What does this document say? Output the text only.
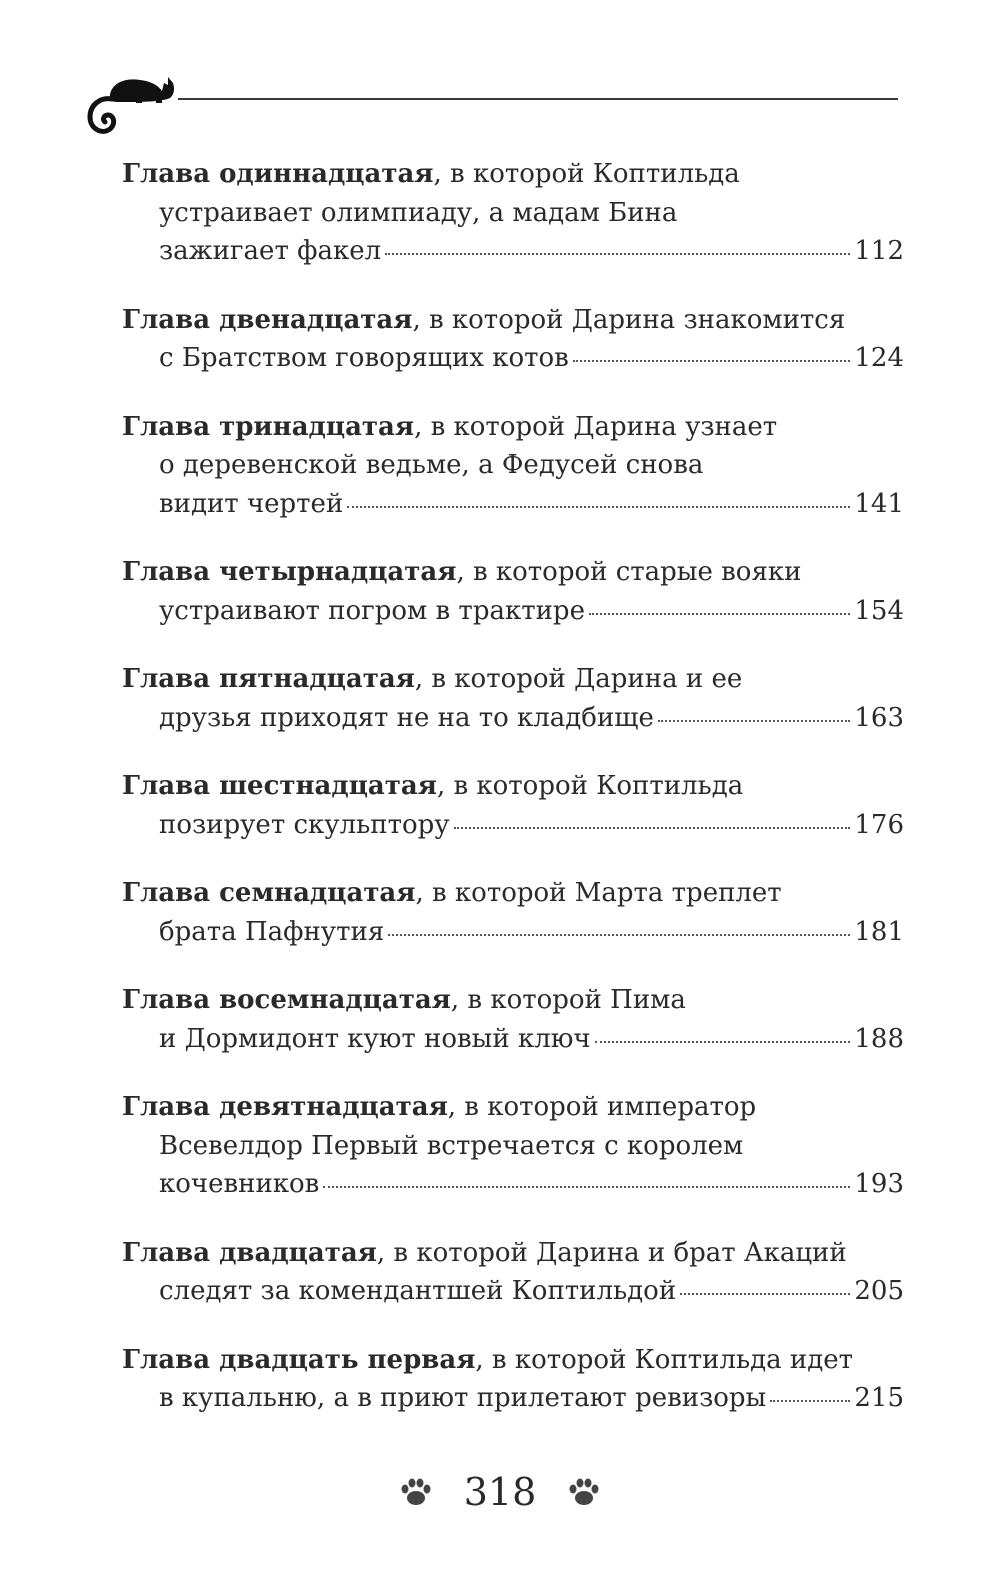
Глава одиннадцатая , в которой Коптильда
устраивает олимпиаду, а мадам Бина
зажигает факел	112
Глава двенадцатая , в которой Дарина знакомится
с Братством говорящих котов	124
Глава тринадцатая , в которой Дарина узнает
о деревенской ведьме, а Федусей снова
видит чертей	141
Глава четырнадцатая , в которой старые вояки
устраивают погром в трактире	154
Глава пятнадцатая , в которой Дарина и ее
друзья приходят не на то кладбище	163
Глава шестнадцатая , в которой Коптильда
позирует скульптору	176
Глава семнадцатая , в которой Марта треплет
брата Пафнутия	181
Глава восемнадцатая , в которой Пима
и Дормидонт куют новый ключ	188
Глава девятнадцатая , в которой император
Всевелдор Первый встречается с королем
кочевников	193
Глава двадцатая , в которой Дарина и брат Акаций
следят за комендантшей Коптильдой	205
Глава двадцать первая , в которой Коптильда идет
в купальню, а в приют прилетают ревизоры	215
318
